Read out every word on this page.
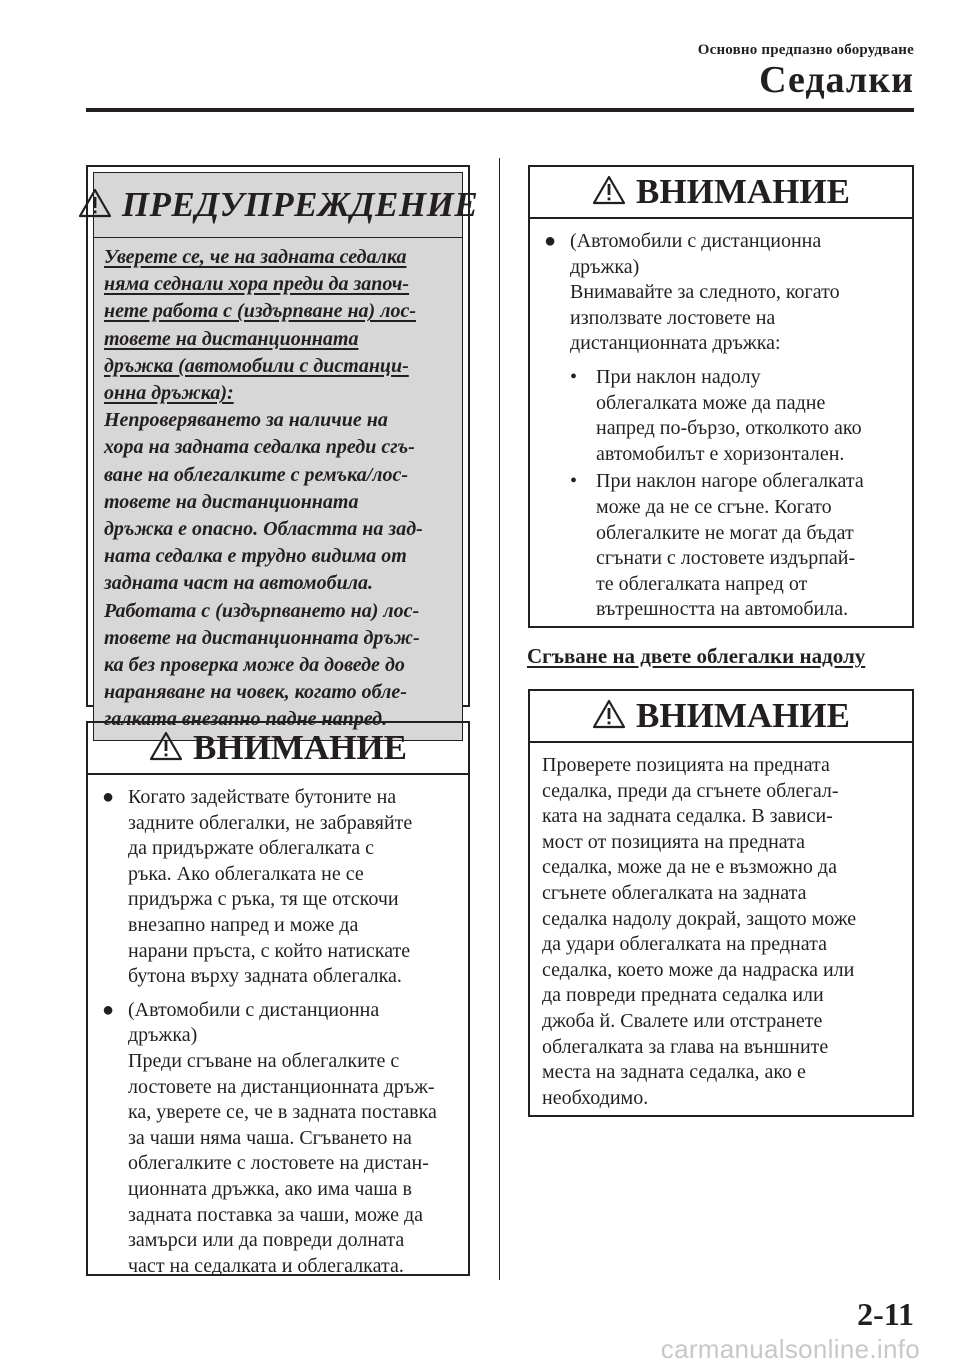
Основно предпазно оборудване
Седалки
ПРЕДУПРЕЖДЕНИЕ
Уверете се, че на задната седалка
няма седнали хора преди да започ-
нете работа с (издърпване на) лос-
товете на дистанционната
дръжка (автомобили с дистанци-
онна дръжка):
Непроверяването за наличие на
хора на задната седалка преди сгъ-
ване на облегалките с ремъка/лос-
товете на дистанционната
дръжка е опасно. Областта на зад-
ната седалка е трудно видима от
задната част на автомобила.
Работата с (издърпването на) лос-
товете на дистанционната дръж-
ка без проверка може да доведе до
нараняване на човек, когато обле-
галката внезапно падне напред.
ВНИМАНИЕ
● Когато задействате бутоните на
задните облегалки, не забравяйте
да придържате облегалката с
ръка. Ако облегалката не се
придържа с ръка, тя ще отскочи
внезапно напред и може да
нарани пръста, с който натискате
бутона върху задната облегалка.
● (Автомобили с дистанционна
дръжка)
Преди сгъване на облегалките с
лостовете на дистанционната дръж-
ка, уверете се, че в задната поставка
за чаши няма чаша. Сгъването на
облегалките с лостовете на дистан-
ционната дръжка, ако има чаша в
задната поставка за чаши, може да
замърси или да повреди долната
част на седалката и облегалката.
ВНИМАНИЕ
● (Автомобили с дистанционна
дръжка)
Внимавайте за следното, когато
използвате лостовете на
дистанционната дръжка:
• При наклон надолу
облегалката може да падне
напред по-бързо, отколкото ако
автомобилът е хоризонтален.
• При наклон нагоре облегалката
може да не се сгъне. Когато
облегалките не могат да бъдат
сгънати с лостовете издърпай-
те облегалката напред от
вътрешността на автомобила.
Сгъване на двете облегалки надолу
ВНИМАНИЕ
Проверете позицията на предната
седалка, преди да сгънете облегал-
ката на задната седалка. В зависи-
мост от позицията на предната
седалка, може да не е възможно да
сгънете облегалката на задната
седалка надолу докрай, защото може
да удари облегалката на предната
седалка, което може да надраска или
да повреди предната седалка или
джоба й. Свалете или отстранете
облегалката за глава на външните
места на задната седалка, ако е
необходимо.
2-11
carmanualsonline.info
